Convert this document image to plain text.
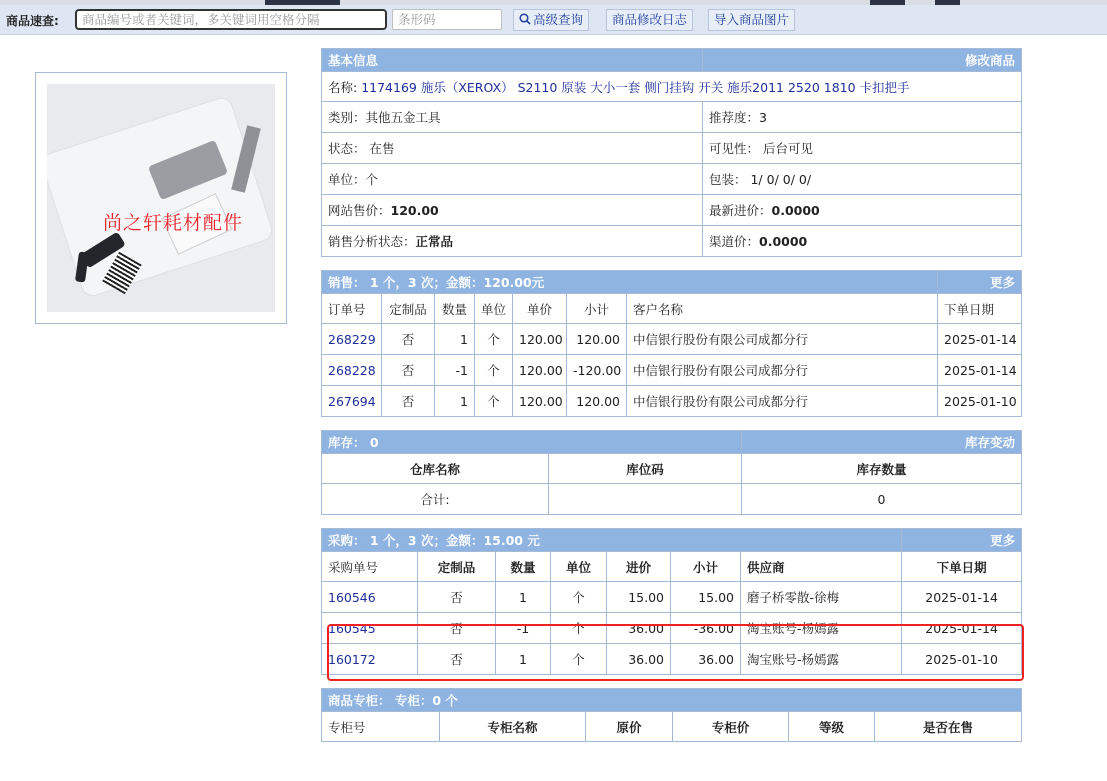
商品速查:
商品编号或者关键词，多关键词用空格分隔
条形码	高级查询	商品修改日志	导入商品图片
尚之轩耗材配件
基本信息	修改商品
名称: 1174169 施乐（XEROX） S2110 原装 大小一套 侧门挂钩 开关 施乐2011 2520 1810 卡扣把手	
类别：其他五金工具	推荐度：3
状态： 在售	可见性： 后台可见
单位：个	包装： 1/ 0/ 0/ 0/
网站售价：120.00	最新进价：0.0000
销售分析状态：正常品	渠道价：0.0000
销售： 1 个，3 次；金额：120.00元							更多
订单号	定制品	数量	单位	单价	小计	客户名称	下单日期
268229	否	1	个	120.00	120.00	中信银行股份有限公司成都分行	2025-01-14
268228	否	-1	个	120.00	-120.00	中信银行股份有限公司成都分行	2025-01-14
267694	否	1	个	120.00	120.00	中信银行股份有限公司成都分行	2025-01-10
库存： 0		库存变动
仓库名称	库位码	库存数量
合计:		0
采购： 1 个，3 次；金额：15.00 元							更多
采购单号	定制品	数量	单位	进价	小计	供应商	下单日期
160546	否	1	个	15.00	15.00	磨子桥零散-徐梅	2025-01-14
160545	否	-1	个	36.00	-36.00	淘宝账号-杨嫣露	2025-01-14
160172	否	1	个	36.00	36.00	淘宝账号-杨嫣露	2025-01-10
商品专柜： 专柜：0 个
专柜号	专柜名称	原价	专柜价	等级	是否在售
